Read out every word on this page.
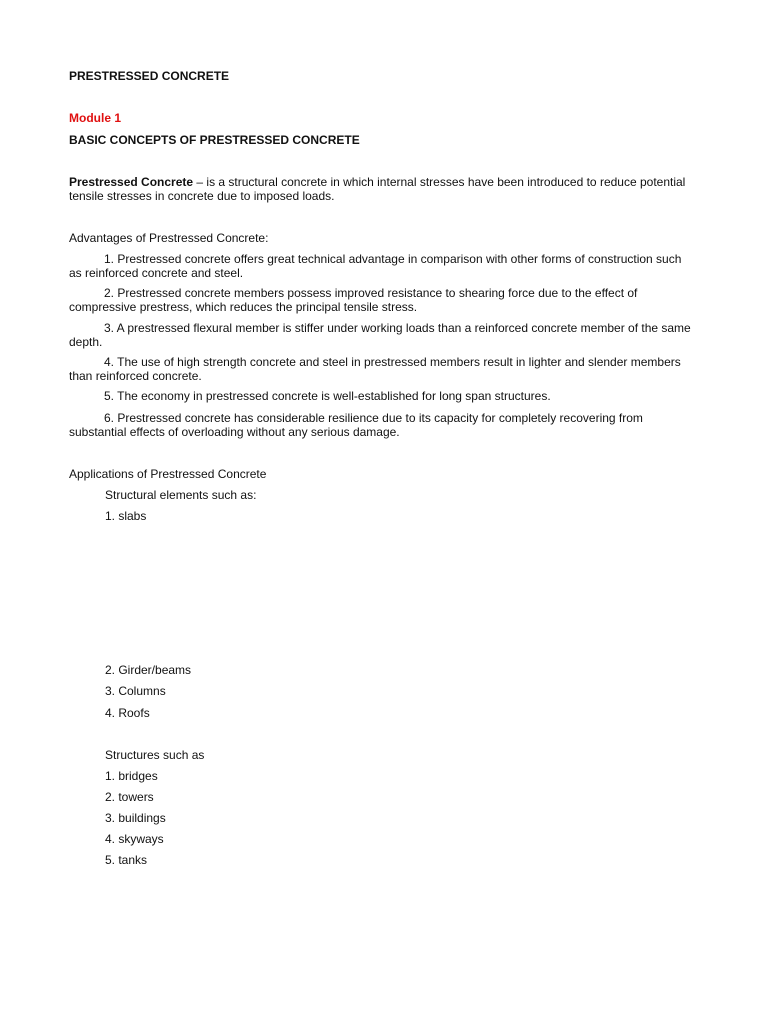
PRESTRESSED CONCRETE

Module 1

BASIC CONCEPTS OF PRESTRESSED CONCRETE

Prestressed Concrete – is a structural concrete in which internal stresses have been introduced to reduce potential tensile stresses in concrete due to imposed loads.

Advantages of Prestressed Concrete:

1. Prestressed concrete offers great technical advantage in comparison with other forms of construction such as reinforced concrete and steel.

2. Prestressed concrete members possess improved resistance to shearing force due to the effect of compressive prestress, which reduces the principal tensile stress.

3. A prestressed flexural member is stiffer under working loads than a reinforced concrete member of the same depth.

4. The use of high strength concrete and steel in prestressed members result in lighter and slender members than reinforced concrete.

5. The economy in prestressed concrete is well-established for long span structures.

6. Prestressed concrete has considerable resilience due to its capacity for completely recovering from substantial effects of overloading without any serious damage.

Applications of Prestressed Concrete

Structural elements such as:

1. slabs

2. Girder/beams

3. Columns

4. Roofs

Structures such as

1. bridges

2. towers

3. buildings

4. skyways

5. tanks
